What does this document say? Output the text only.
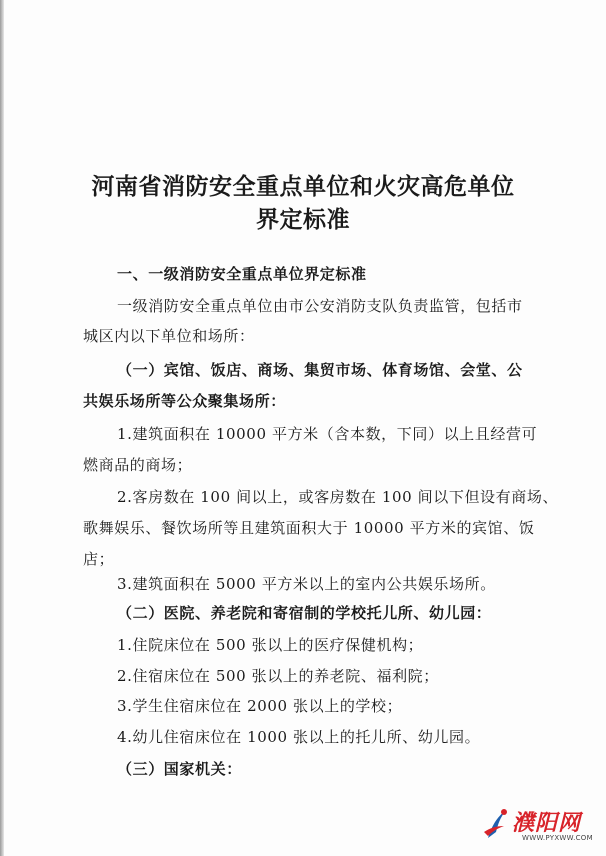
河南省消防安全重点单位和火灾高危单位
界定标准
一、一级消防安全重点单位界定标准
一级消防安全重点单位由市公安消防支队负责监管，包括市
城区内以下单位和场所：
（一）宾馆、饭店、商场、集贸市场、体育场馆、会堂、公
共娱乐场所等公众聚集场所：
1.建筑面积在 10000 平方米（含本数，下同）以上且经营可
燃商品的商场；
2.客房数在 100 间以上，或客房数在 100 间以下但设有商场、
歌舞娱乐、餐饮场所等且建筑面积大于 10000 平方米的宾馆、饭
店；
3.建筑面积在 5000 平方米以上的室内公共娱乐场所。
（二）医院、养老院和寄宿制的学校托儿所、幼儿园：
1.住院床位在 500 张以上的医疗保健机构；
2.住宿床位在 500 张以上的养老院、福利院；
3.学生住宿床位在 2000 张以上的学校；
4.幼儿住宿床位在 1000 张以上的托儿所、幼儿园。
（三）国家机关：
濮阳网
WWW.PYXWW.COM
